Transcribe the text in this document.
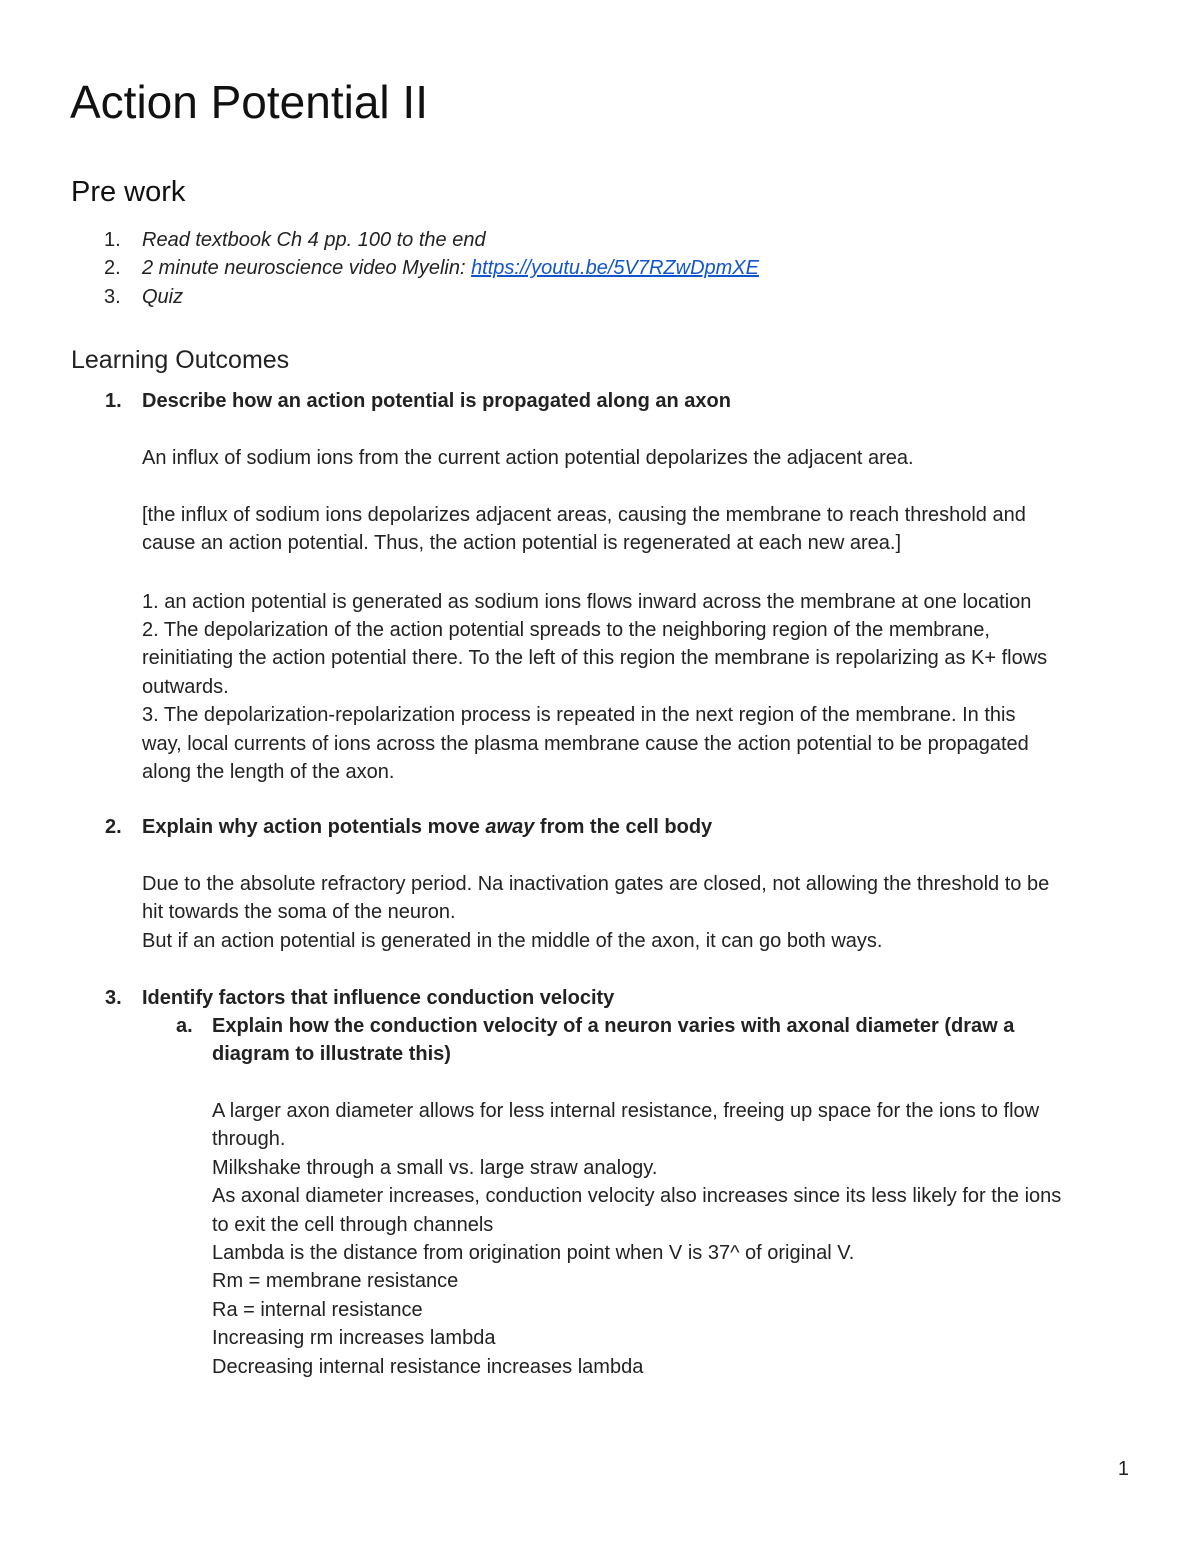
Action Potential II
Pre work
1.	Read textbook Ch 4 pp. 100 to the end
2.	2 minute neuroscience video Myelin: https://youtu.be/5V7RZwDpmXE
3.	Quiz
Learning Outcomes
1.	Describe how an action potential is propagated along an axon
An influx of sodium ions from the current action potential depolarizes the adjacent area.
[the influx of sodium ions depolarizes adjacent areas, causing the membrane to reach threshold and
cause an action potential. Thus, the action potential is regenerated at each new area.]
1. an action potential is generated as sodium ions flows inward across the membrane at one location
2. The depolarization of the action potential spreads to the neighboring region of the membrane,
reinitiating the action potential there. To the left of this region the membrane is repolarizing as K+ flows
outwards.
3. The depolarization-repolarization process is repeated in the next region of the membrane. In this
way, local currents of ions across the plasma membrane cause the action potential to be propagated
along the length of the axon.
2.	Explain why action potentials move away from the cell body
Due to the absolute refractory period. Na inactivation gates are closed, not allowing the threshold to be
hit towards the soma of the neuron.
But if an action potential is generated in the middle of the axon, it can go both ways.
3.	Identify factors that influence conduction velocity
a. Explain how the conduction velocity of a neuron varies with axonal diameter (draw a
diagram to illustrate this)
A larger axon diameter allows for less internal resistance, freeing up space for the ions to flow
through.
Milkshake through a small vs. large straw analogy.
As axonal diameter increases, conduction velocity also increases since its less likely for the ions
to exit the cell through channels
Lambda is the distance from origination point when V is 37^ of original V.
Rm = membrane resistance
Ra = internal resistance
Increasing rm increases lambda
Decreasing internal resistance increases lambda
1
